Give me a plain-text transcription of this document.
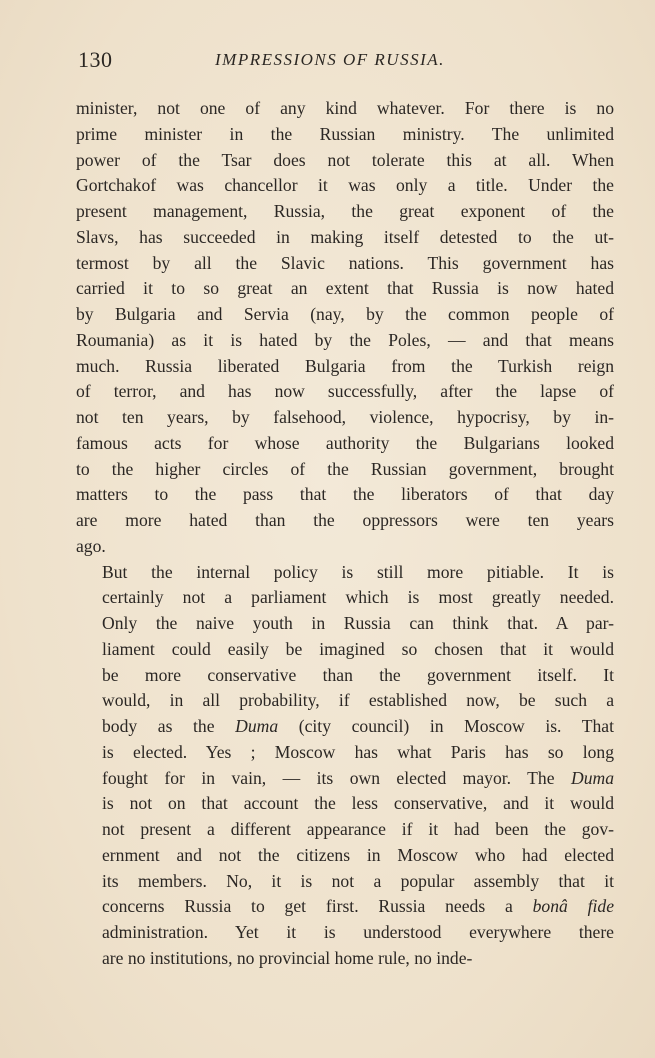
130	IMPRESSIONS OF RUSSIA.

minister, not one of any kind whatever. For there is no
prime minister in the Russian ministry. The unlimited
power of the Tsar does not tolerate this at all. When
Gortchakof was chancellor it was only a title. Under the
present management, Russia, the great exponent of the
Slavs, has succeeded in making itself detested to the ut-
termost by all the Slavic nations. This government has
carried it to so great an extent that Russia is now hated
by Bulgaria and Servia (nay, by the common people of
Roumania) as it is hated by the Poles, — and that means
much. Russia liberated Bulgaria from the Turkish reign
of terror, and has now successfully, after the lapse of
not ten years, by falsehood, violence, hypocrisy, by in-
famous acts for whose authority the Bulgarians looked
to the higher circles of the Russian government, brought
matters to the pass that the liberators of that day
are more hated than the oppressors were ten years
ago.

But the internal policy is still more pitiable. It is
certainly not a parliament which is most greatly needed.
Only the naive youth in Russia can think that. A par-
liament could easily be imagined so chosen that it would
be more conservative than the government itself. It
would, in all probability, if established now, be such a
body as the Duma (city council) in Moscow is. That
is elected. Yes ; Moscow has what Paris has so long
fought for in vain, — its own elected mayor. The Duma
is not on that account the less conservative, and it would
not present a different appearance if it had been the gov-
ernment and not the citizens in Moscow who had elected
its members. No, it is not a popular assembly that it
concerns Russia to get first. Russia needs a bonâ fide
administration. Yet it is understood everywhere there
are no institutions, no provincial home rule, no inde-
